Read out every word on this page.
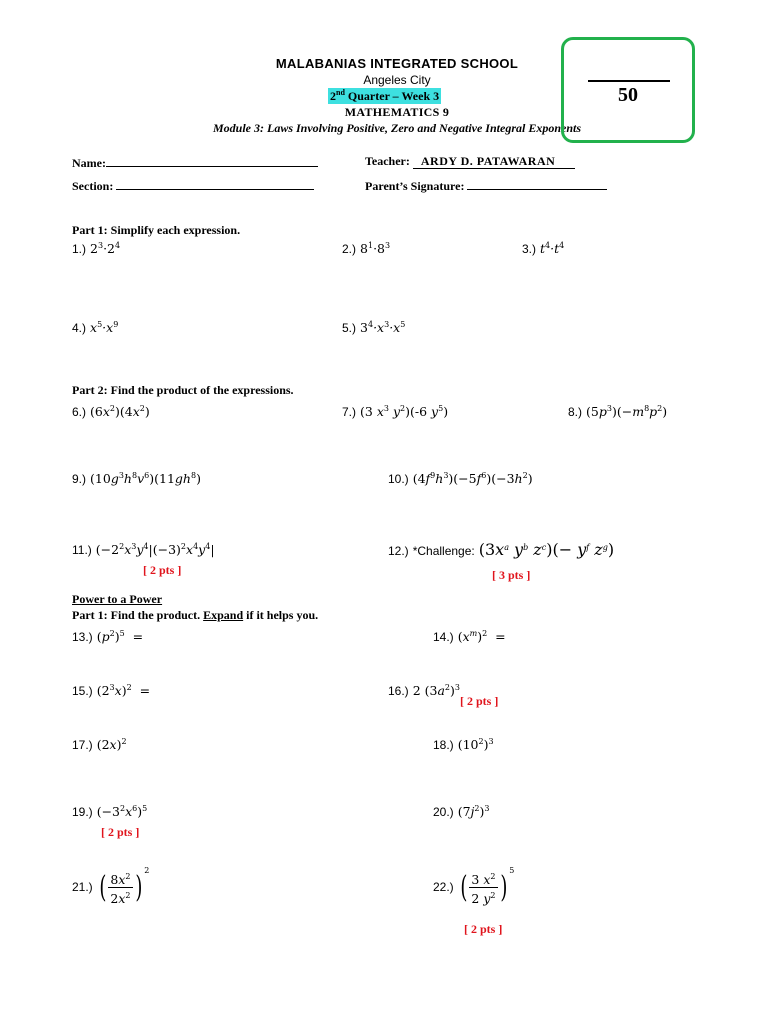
MALABANIAS INTEGRATED SCHOOL
Angeles City
2nd Quarter – Week 3
MATHEMATICS 9
Module 3: Laws Involving Positive, Zero and Negative Integral Exponents
50
Name:	Teacher: ARDY D. PATAWARAN
Section:	Parent’s Signature:
Part 1: Simplify each expression.
1.) $2^3\cdot 2^4$	2.) $8^1\cdot 8^3$	3.) $t^4\cdot t^4$
4.) $x^5\cdot x^9$	5.) $3^4\cdot x^3\cdot x^5$
Part 2: Find the product of the expressions.
6.) $(6x^2)(4x^2)$	7.) (3 $x^3$ $y^2)(-6$ $y^5$)	8.) $(5p^3)(-m^8p^2)$
9.) $(10g^3h^8v^6)(11gh^8)$	10.) $(4f^9h^3)(-5f^6)(-3h^2)$
11.) ($-2^2x^3y^4|(-3)^2x^4y^4|$
[ 2 pts ]
12.) *Challenge: ($3x^a$ $y^b$ $z^c)(- y^f$ $z^g$)
[ 3 pts ]
Power to a Power
Part 1: Find the product. Expand if it helps you.
13.) $(p^2)^5$  =	14.) $(x^m)^2$  =
15.) $(2^3x)^2$  =	16.) 2 $(3a^2)^3$
[ 2 pts ]
17.) $(2x)^2$	18.) $(10^2)^3$
19.) $(-3^2x^6)^5$
[ 2 pts ]
20.) $(7j^2)^3$
21.) ( $\frac{8x^2}{2x^2}$ ) $^2$
22.) ( $\frac{3 x^2}{2 y^2}$ ) $^5$
[ 2 pts ]
